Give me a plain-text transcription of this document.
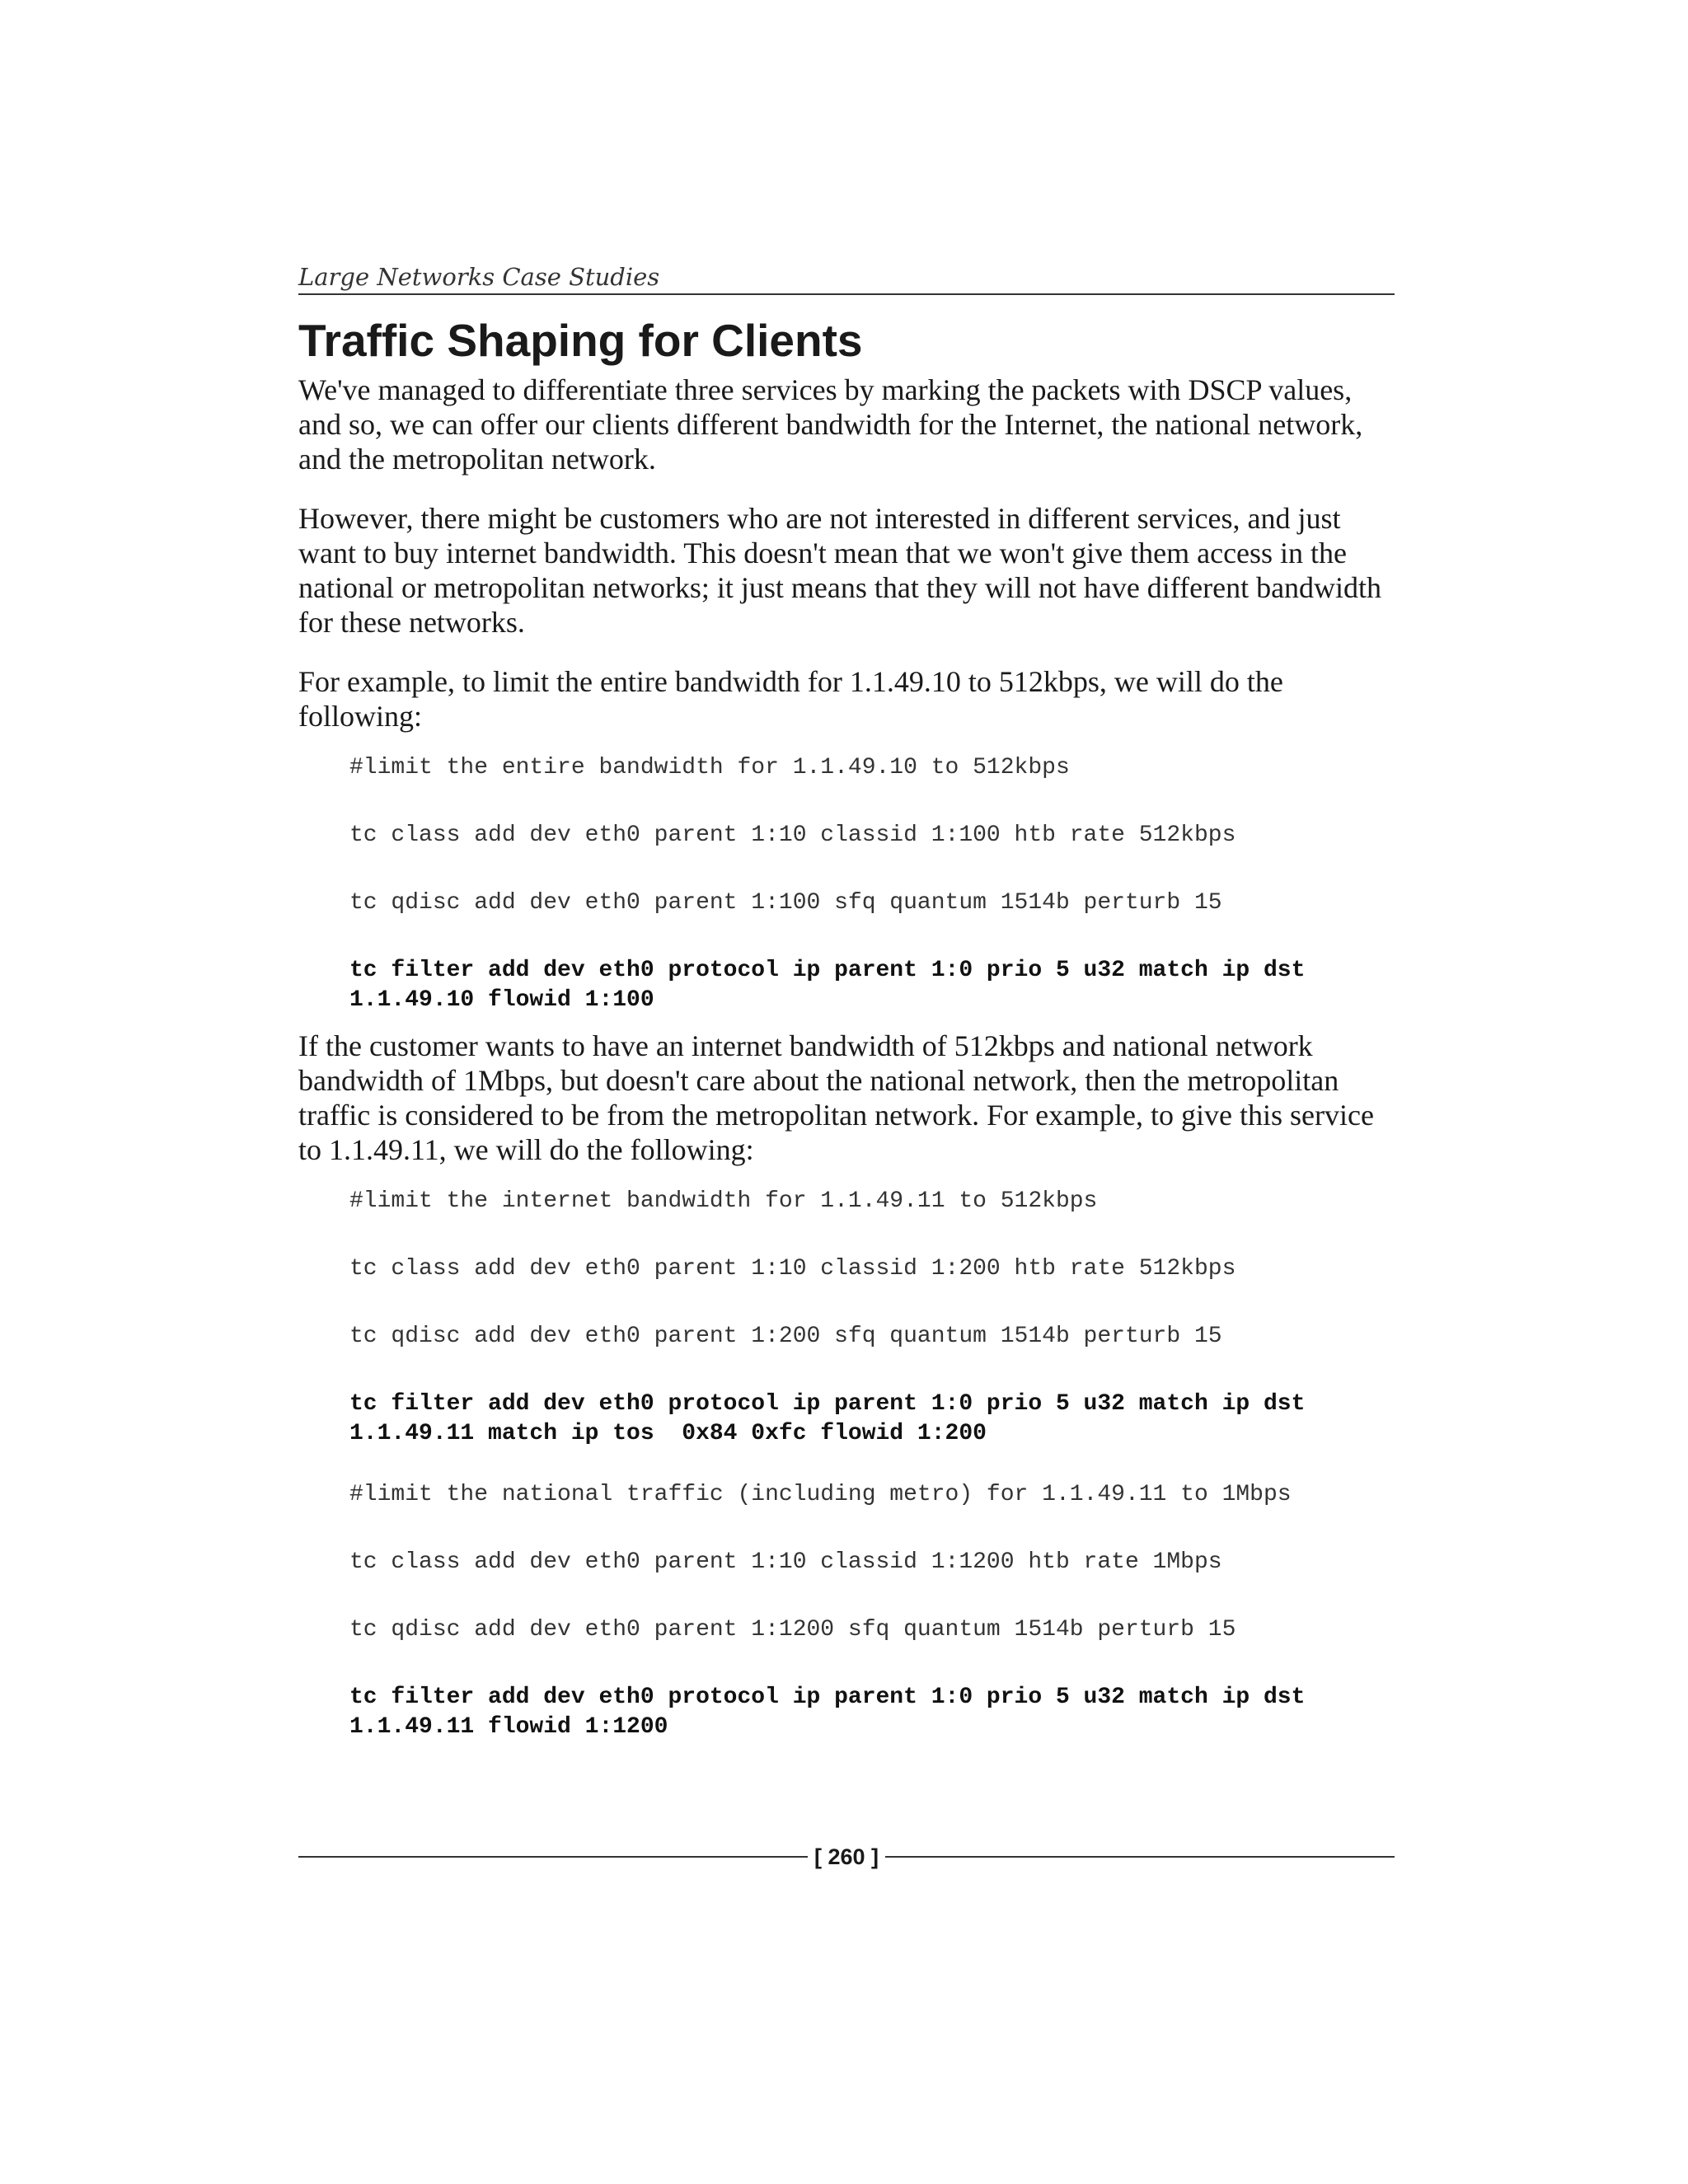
Large Networks Case Studies
Traffic Shaping for Clients

We've managed to differentiate three services by marking the packets with DSCP values, and so, we can offer our clients different bandwidth for the Internet, the national network, and the metropolitan network.

However, there might be customers who are not interested in different services, and just want to buy internet bandwidth. This doesn't mean that we won't give them access in the national or metropolitan networks; it just means that they will not have different bandwidth for these networks.

For example, to limit the entire bandwidth for 1.1.49.10 to 512kbps, we will do the following:

#limit the entire bandwidth for 1.1.49.10 to 512kbps
tc class add dev eth0 parent 1:10 classid 1:100 htb rate 512kbps
tc qdisc add dev eth0 parent 1:100 sfq quantum 1514b perturb 15
tc filter add dev eth0 protocol ip parent 1:0 prio 5 u32 match ip dst 1.1.49.10 flowid 1:100

If the customer wants to have an internet bandwidth of 512kbps and national network bandwidth of 1Mbps, but doesn't care about the national network, then the metropolitan traffic is considered to be from the metropolitan network. For example, to give this service to 1.1.49.11, we will do the following:

#limit the internet bandwidth for 1.1.49.11 to 512kbps
tc class add dev eth0 parent 1:10 classid 1:200 htb rate 512kbps
tc qdisc add dev eth0 parent 1:200 sfq quantum 1514b perturb 15
tc filter add dev eth0 protocol ip parent 1:0 prio 5 u32 match ip dst 1.1.49.11 match ip tos  0x84 0xfc flowid 1:200
#limit the national traffic (including metro) for 1.1.49.11 to 1Mbps
tc class add dev eth0 parent 1:10 classid 1:1200 htb rate 1Mbps
tc qdisc add dev eth0 parent 1:1200 sfq quantum 1514b perturb 15
tc filter add dev eth0 protocol ip parent 1:0 prio 5 u32 match ip dst 1.1.49.11 flowid 1:1200
[ 260 ]
